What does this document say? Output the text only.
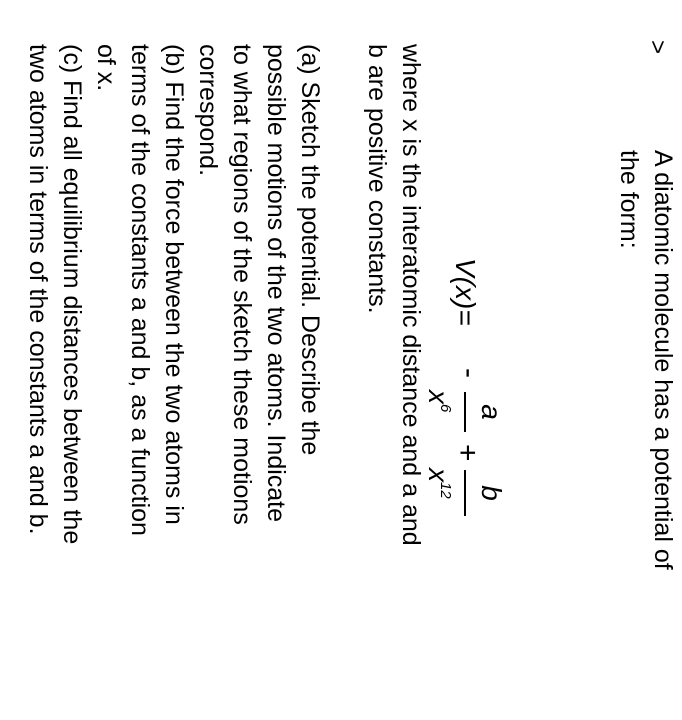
>
A diatomic molecule has a potential of
the form:
V(x)=
-
a
$x^6$
+
b
$x^{12}$
where x is the interatomic distance and a and
b are positive constants.
(a) Sketch the potential. Describe the
possible motions of the two atoms. Indicate
to what regions of the sketch these motions
correspond.
(b) Find the force between the two atoms in
terms of the constants a and b, as a function
of x.
(c) Find all equilibrium distances between the
two atoms in terms of the constants a and b.
